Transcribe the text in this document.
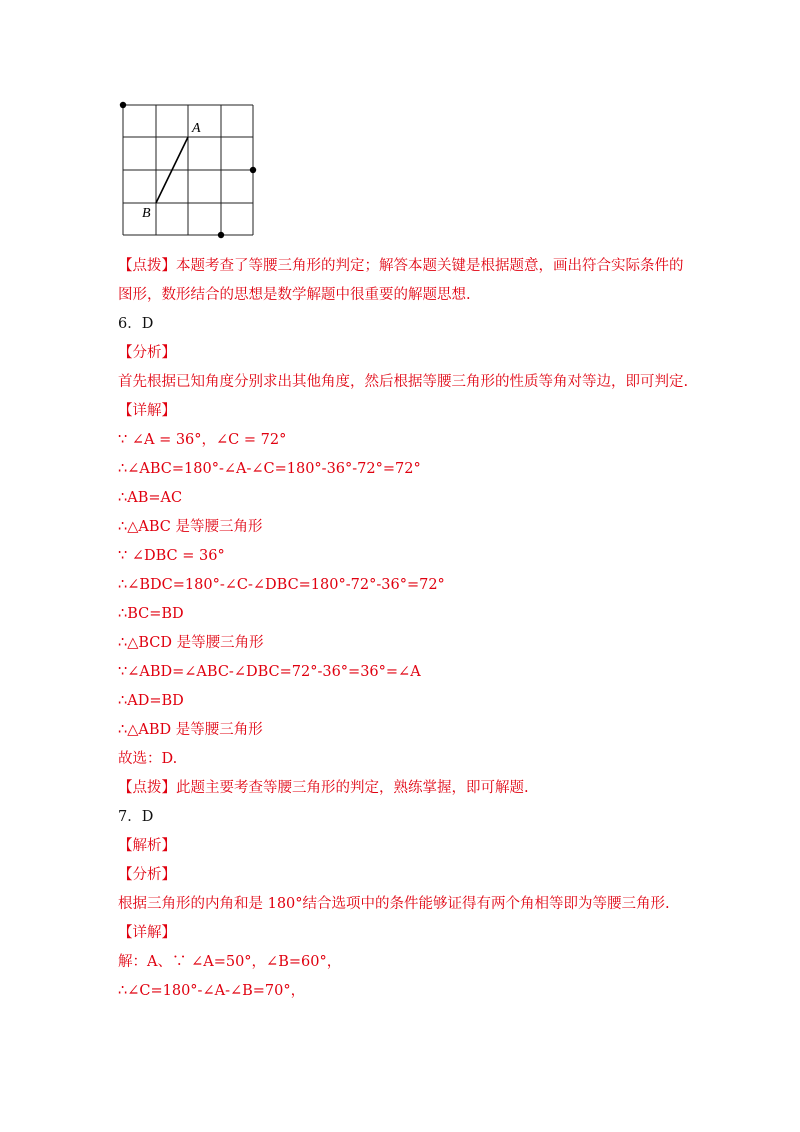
A
B
【点拨】本题考查了等腰三角形的判定；解答本题关键是根据题意，画出符合实际条件的
图形，数形结合的思想是数学解题中很重要的解题思想.
6．D
【分析】
首先根据已知角度分别求出其他角度，然后根据等腰三角形的性质等角对等边，即可判定.
【详解】
∵ ∠A = 36°，∠C = 72°
∴∠ABC=180°-∠A-∠C=180°-36°-72°=72°
∴AB=AC
∴△ABC 是等腰三角形
∵ ∠DBC = 36°
∴∠BDC=180°-∠C-∠DBC=180°-72°-36°=72°
∴BC=BD
∴△BCD 是等腰三角形
∵∠ABD=∠ABC-∠DBC=72°-36°=36°=∠A
∴AD=BD
∴△ABD 是等腰三角形
故选：D.
【点拨】此题主要考查等腰三角形的判定，熟练掌握，即可解题.
7．D
【解析】
【分析】
根据三角形的内角和是 180°结合选项中的条件能够证得有两个角相等即为等腰三角形.
【详解】
解：A、∵ ∠A=50°，∠B=60°，
∴∠C=180°-∠A-∠B=70°，
